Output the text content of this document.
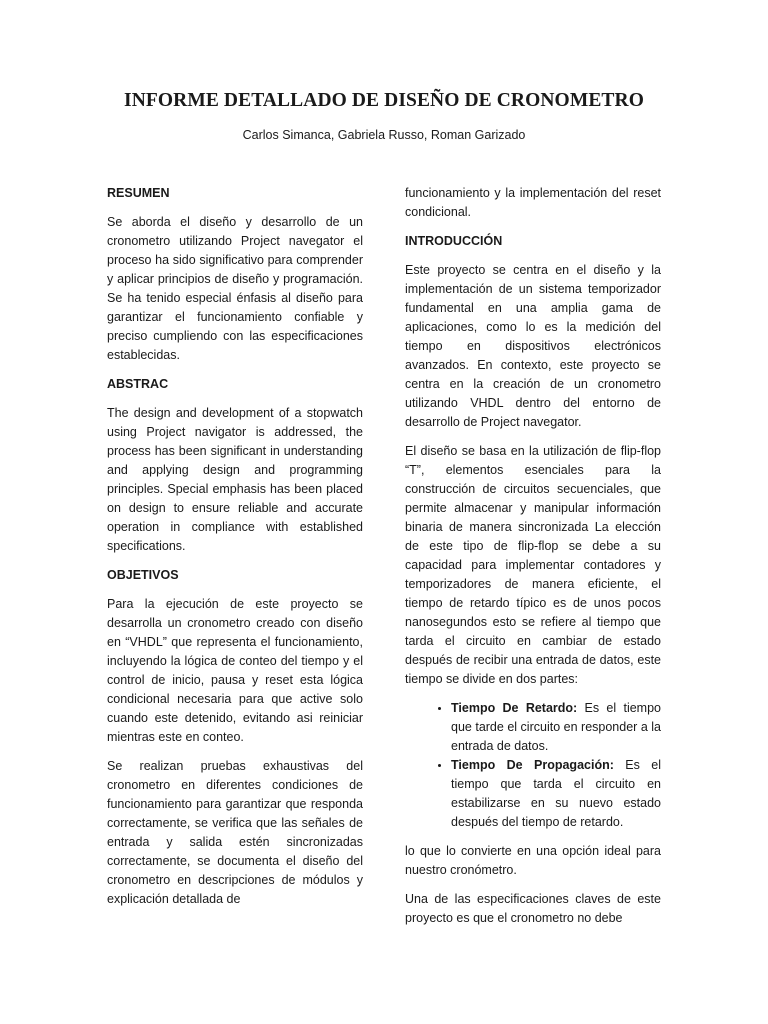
INFORME DETALLADO DE DISEÑO DE CRONOMETRO
Carlos Simanca, Gabriela Russo, Roman Garizado
RESUMEN

Se aborda el diseño y desarrollo de un cronometro utilizando Project navegator el proceso ha sido significativo para comprender y aplicar principios de diseño y programación. Se ha tenido especial énfasis al diseño para garantizar el funcionamiento confiable y preciso cumpliendo con las especificaciones establecidas.

ABSTRAC

The design and development of a stopwatch using Project navigator is addressed, the process has been significant in understanding and applying design and programming principles. Special emphasis has been placed on design to ensure reliable and accurate operation in compliance with established specifications.

OBJETIVOS

Para la ejecución de este proyecto se desarrolla un cronometro creado con diseño en “VHDL” que representa el funcionamiento, incluyendo la lógica de conteo del tiempo y el control de inicio, pausa y reset esta lógica condicional necesaria para que active solo cuando este detenido, evitando asi reiniciar mientras este en conteo.

Se realizan pruebas exhaustivas del cronometro en diferentes condiciones de funcionamiento para garantizar que responda correctamente, se verifica que las señales de entrada y salida estén sincronizadas correctamente, se documenta el diseño del cronometro en descripciones de módulos y explicación detallada de

funcionamiento y la implementación del reset condicional.

INTRODUCCIÓN

Este proyecto se centra en el diseño y la implementación de un sistema temporizador fundamental en una amplia gama de aplicaciones, como lo es la medición del tiempo en dispositivos electrónicos avanzados. En contexto, este proyecto se centra en la creación de un cronometro utilizando VHDL dentro del entorno de desarrollo de Project navegator.

El diseño se basa en la utilización de flip-flop “T”, elementos esenciales para la construcción de circuitos secuenciales, que permite almacenar y manipular información binaria de manera sincronizada La elección de este tipo de flip-flop se debe a su capacidad para implementar contadores y temporizadores de manera eficiente, el tiempo de retardo típico es de unos pocos nanosegundos esto se refiere al tiempo que tarda el circuito en cambiar de estado después de recibir una entrada de datos, este tiempo se divide en dos partes:

• Tiempo De Retardo: Es el tiempo que tarde el circuito en responder a la entrada de datos.
• Tiempo De Propagación: Es el tiempo que tarda el circuito en estabilizarse en su nuevo estado después del tiempo de retardo.

lo que lo convierte en una opción ideal para nuestro cronómetro.

Una de las especificaciones claves de este proyecto es que el cronometro no debe
